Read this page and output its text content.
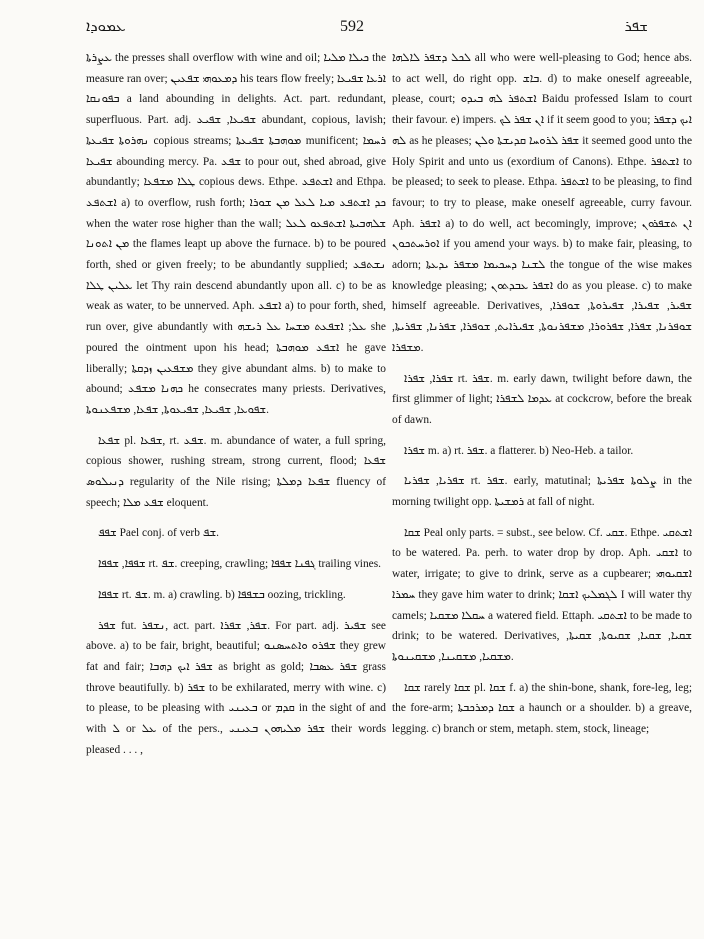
ܥܡܘܕܐ	592	ܫܦܪ

ܥܨܪܬܐ the presses shall overflow with wine and oil; ܟܝܠܐ ܡܠܝܐ the measure ran over; ܕܡܥܘܗܝ ܫܦܥܝܢ his tears flow freely; ܐܪܥܐ ܫܦܝܥܐ ܒܦܘܢܩܐ a land abounding in delights. Act. part. redundant, superfluous. Part. adj. ܫܦܝܥܐ, ܫܦܝܥ abundant, copious, lavish; ܢܗܪܘܬܐ ܫܦܝܥܬܐ copious streams; ܡܘܗܒܬܐ ܫܦܝܥܬܐ munificent; ܪܚܡܐ ܫܦܝܥܐ abounding mercy. Pa. ܫܦܥ to pour out, shed abroad, give abundantly; ܛܠܐ ܡܫܦܥܐ copious dews. Ethpe. ܐܫܬܦܥ and Ethpa. ܐܫܬܦܥ a) to overflow, rush forth; ܟܕ ܐܫܬܦܥ ܡܝܐ ܠܥܠ ܡܢ ܫܘܪܐ when the water rose higher than the wall; ܫܠܗܒܝܬܐ ܐܫܬܦܥܘ ܠܥܠ ܡܢ ܐܬܘܢܐ the flames leapt up above the furnace. b) to be poured forth, shed or given freely; to be abundantly supplied; ܢܫܬܦܥ ܥܠܝܢ ܛܠܐ let Thy rain descend abundantly upon all. c) to be as weak as water, to be unnerved. Aph. ܐܫܦܥ a) to pour forth, shed, run over, give abundantly with ܥܠ; ܐܫܦܥܬ ܡܫܚܐ ܥܠ ܪܝܫܗ she poured the ointment upon his head; ܐܫܦܥ ܡܘܗܒܬܐ he gave liberally; ܡܫܦܥܝܢ ܙܕܩܬܐ they give abundant alms. b) to make to abound; ܟܗܢܐ ܡܫܦܥ he consecrates many priests. Derivatives, ܫܦܘܥܐ, ܫܦܝܥܐ, ܫܦܝܥܘܬܐ, ܫܦܥܐ, ܡܫܦܥܢܘܬܐ.

ܫܦܥܐ pl. ܫܦܥܐ, rt. ܫܦܥ. m. abundance of water, a full spring, copious shower, rushing stream, strong current, flood; ܫܦܥܐ ܕܢܝܠܘܣ regularity of the Nile rising; ܫܦܥܐ ܕܡܠܬܐ fluency of speech; ܫܦܥ ܡܠܐ eloquent.

ܫܦܦ Pael conj. of verb ܫܦ.

ܫܦܦܐ, ܫܦܦܐ rt. ܫܦ. creeping, crawling; ܓܦܢܐ ܫܦܦܐ trailing vines.

ܫܦܦܐ rt. ܫܦ. m. a) crawling. b) ܒܫܦܦܐ oozing, trickling.

ܫܦܪ fut. ܢܫܦܪ, act. part. ܫܦܪ, ܫܦܪܐ. For part. adj. ܫܦܝܪ see above. a) to be fair, bright, beautiful; ܫܦܪܘ ܘܐܬܚܣܢܘ they grew fat and fair; ܫܦܪ ܐܝܟ ܕܗܒܐ as bright as gold; ܫܦܪ ܥܣܒܐ grass throve beautifully. b) ܫܦܪ to be exhilarated, merry with wine. c) to please, to be pleasing with ܒܥܝܢܝ or ܩܕܡ in the sight of and with ܠ or ܥܠ of the pers., ܫܦܪ ܡܠܝܗܘܢ ܒܥܝܢܝ their words pleased . . . ,

ܠܟܠ ܕܫܦܪ ܠܐܠܗܐ all who were well-pleasing to God; hence abs. to act well, do right opp. ܒܐܫ. d) to make oneself agreeable, please, court; ܐܫܬܦܪ ܠܗ ܒܝܕܘ Baidu professed Islam to court their favour. e) impers. ܐܢ ܫܦܪ ܠܟ if it seem good to you; ܐܝܟ ܕܫܦܪ ܠܗ as he pleases; ܫܦܪ ܠܪܘܚܐ ܩܕܝܫܬܐ ܘܠܢ it seemed good unto the Holy Spirit and unto us (exordium of Canons). Ethpe. ܐܫܬܦܪ to be pleased; to seek to please. Ethpa. ܐܫܬܦܪ to be pleasing, to find favour; to try to please, make oneself agreeable, curry favour. Aph. ܐܫܦܪ a) to do well, act becomingly, improve; ܐܢ ܬܫܦܪܘܢ ܐܘܪܚܬܟܘܢ if you amend your ways. b) to make fair, pleasing, to adorn; ܠܫܢܐ ܕܚܟܝܡܐ ܡܫܦܪ ܝܕܥܬܐ the tongue of the wise makes knowledge pleasing; ܐܫܦܪ ܥܒܕܬܘܢ do as you please. c) to make himself agreeable. Derivatives, ܫܦܝܪ, ܫܦܝܪܐ, ܫܦܝܪܘܬܐ, ܫܘܦܪܐ, ܫܘܦܪܢܐ, ܫܦܪܐ, ܫܦܪܘܪܐ, ܡܫܦܪܢܘܬܐ, ܫܦܝܪܐܝܬ, ܫܘܦܪܐ, ܫܦܪܢܐ, ܫܦܪܝܬܐ, ܡܫܦܪܐ.

ܫܦܪܐ, ܫܦܪܐ rt. ܫܦܪ. m. early dawn, twilight before dawn, the first glimmer of light; ܥܕܡܐ ܠܫܦܪܐ at cockcrow, before the break of dawn.

ܫܦܪܐ m. a) rt. ܫܦܪ. a flatterer. b) Neo-Heb. a tailor.

ܫܦܪܝܐ, ܫܦܪܝܐ rt. ܫܦܪ. early, matutinal; ܨܠܘܬܐ ܫܦܪܝܬܐ in the morning twilight opp. ܪܡܫܝܬܐ at fall of night.

ܫܩܐ Peal only parts. = subst., see below. Cf. ܫܩܝ. Ethpe. ܐܫܬܩܝ to be watered. Pa. perh. to water drop by drop. Aph. ܐܫܩܝ to water, irrigate; to give to drink, serve as a cupbearer; ܐܫܩܝܘܗܝ ܚܡܪܐ they gave him water to drink; ܠܓܡܠܝܟ ܐܫܩܐ I will water thy camels; ܚܩܠܐ ܡܫܩܝܐ a watered field. Ettaph. ܐܫܬܩܝ to be made to drink; to be watered. Derivatives, ܫܩܝܐ, ܫܩܝܐ, ܫܩܝܘܬܐ, ܫܩܝܬܐ, ܡܫܩܝܐ, ܡܫܩܝܢܐ, ܡܫܩܝܢܘܬܐ.

ܫܩܐ rarely ܫܩܐ pl. ܫܩܐ f. a) the shin-bone, shank, fore-leg, leg; the fore-arm; ܫܩܐ ܕܡܪܟܒܬܐ a haunch or a shoulder. b) a greave, legging. c) branch or stem, metaph. stem, stock, lineage;
